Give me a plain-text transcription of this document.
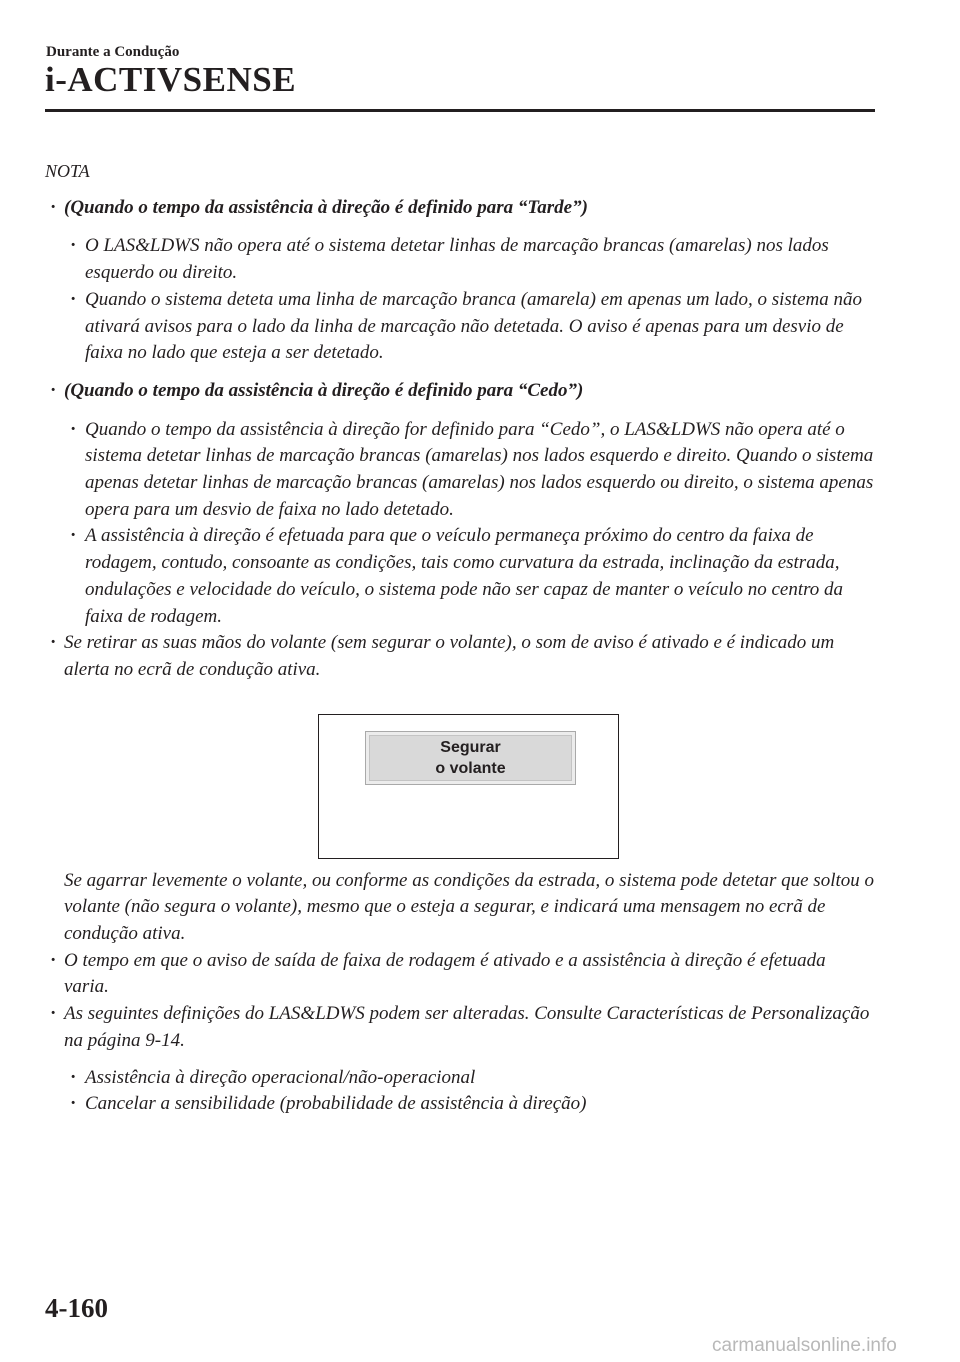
Durante a Condução
i-ACTIVSENSE
NOTA
· (Quando o tempo da assistência à direção é definido para “Tarde”)
· O LAS&LDWS não opera até o sistema detetar linhas de marcação brancas (amarelas) nos lados esquerdo ou direito.
· Quando o sistema deteta uma linha de marcação branca (amarela) em apenas um lado, o sistema não ativará avisos para o lado da linha de marcação não detetada. O aviso é apenas para um desvio de faixa no lado que esteja a ser detetado.
· (Quando o tempo da assistência à direção é definido para “Cedo”)
· Quando o tempo da assistência à direção for definido para “Cedo”, o LAS&LDWS não opera até o sistema detetar linhas de marcação brancas (amarelas) nos lados esquerdo e direito. Quando o sistema apenas detetar linhas de marcação brancas (amarelas) nos lados esquerdo ou direito, o sistema apenas opera para um desvio de faixa no lado detetado.
· A assistência à direção é efetuada para que o veículo permaneça próximo do centro da faixa de rodagem, contudo, consoante as condições, tais como curvatura da estrada, inclinação da estrada, ondulações e velocidade do veículo, o sistema pode não ser capaz de manter o veículo no centro da faixa de rodagem.
· Se retirar as suas mãos do volante (sem segurar o volante), o som de aviso é ativado e é indicado um alerta no ecrã de condução ativa.
Segurar
o volante
Se agarrar levemente o volante, ou conforme as condições da estrada, o sistema pode detetar que soltou o volante (não segura o volante), mesmo que o esteja a segurar, e indicará uma mensagem no ecrã de condução ativa.
· O tempo em que o aviso de saída de faixa de rodagem é ativado e a assistência à direção é efetuada varia.
· As seguintes definições do LAS&LDWS podem ser alteradas. Consulte Características de Personalização na página 9-14.
· Assistência à direção operacional/não-operacional
· Cancelar a sensibilidade (probabilidade de assistência à direção)
4-160
carmanualsonline.info
